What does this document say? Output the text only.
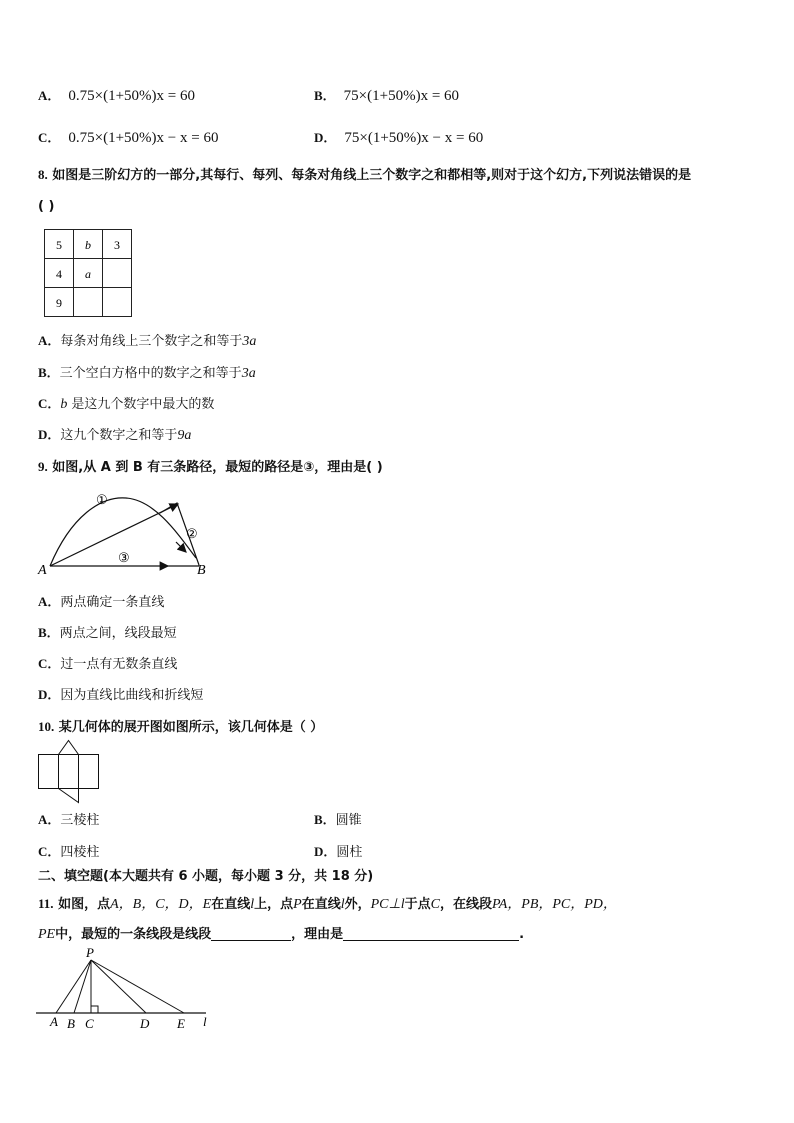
A． 0.75×(1+50%)x = 60	B． 75×(1+50%)x = 60
C． 0.75×(1+50%)x − x = 60	D． 75×(1+50%)x − x = 60
8. 如图是三阶幻方的一部分,其每行、每列、每条对角线上三个数字之和都相等,则对于这个幻方,下列说法错误的是
( )
5 b 3
4 a
9
A．每条对角线上三个数字之和等于3a
B．三个空白方格中的数字之和等于3a
C．b 是这九个数字中最大的数
D．这九个数字之和等于9a
9. 如图,从 A 到 B 有三条路径，最短的路径是③，理由是( )
A	B
①
②
③
A．两点确定一条直线
B．两点之间，线段最短
C．过一点有无数条直线
D．因为直线比曲线和折线短
10. 某几何体的展开图如图所示，该几何体是（ ）
A．三棱柱	B．圆锥
C．四棱柱	D．圆柱
二、填空题(本大题共有 6 小题，每小题 3 分，共 18 分)
11. 如图，点A，B，C，D，E在直线l上，点P在直线l外，PC⊥l于点C，在线段PA，PB，PC，PD，
PE中，最短的一条线段是线段	，理由是	.
P
A B C	D E l
